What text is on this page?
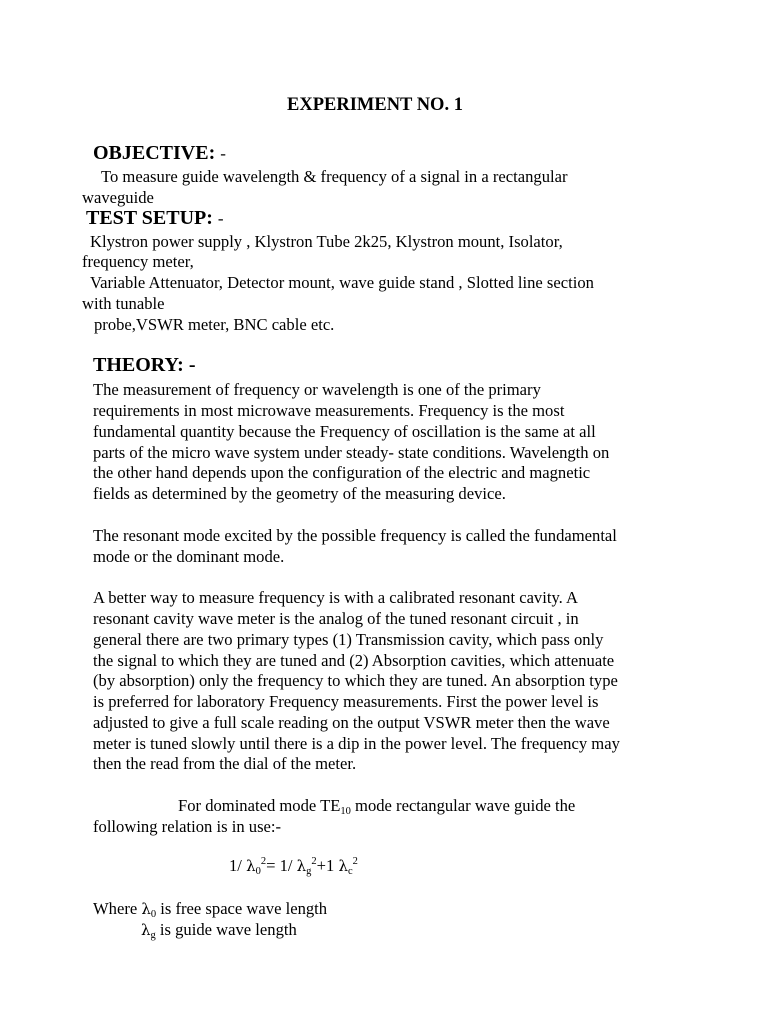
EXPERIMENT NO. 1
OBJECTIVE: -
To measure guide wavelength & frequency of a signal in a rectangular
waveguide
TEST SETUP: -
Klystron power supply , Klystron Tube 2k25, Klystron mount, Isolator,
frequency meter,
Variable Attenuator, Detector mount, wave guide stand , Slotted line section
with tunable
probe,VSWR meter, BNC cable etc.
THEORY: -
The measurement of frequency or wavelength is one of the primary
requirements in most microwave measurements. Frequency is the most
fundamental quantity because the Frequency of oscillation is the same at all
parts of the micro wave system under steady- state conditions. Wavelength on
the other hand depends upon the configuration of the electric and magnetic
fields as determined by the geometry of the measuring device.
The resonant mode excited by the possible frequency is called the fundamental
mode or the dominant mode.
A better way to measure frequency is with a calibrated resonant cavity. A
resonant cavity wave meter is the analog of the tuned resonant circuit , in
general there are two primary types (1) Transmission cavity, which pass only
the signal to which they are tuned and (2) Absorption cavities, which attenuate
(by absorption) only the frequency to which they are tuned. An absorption type
is preferred for laboratory Frequency measurements. First the power level is
adjusted to give a full scale reading on the output VSWR meter then the wave
meter is tuned slowly until there is a dip in the power level. The frequency may
then the read from the dial of the meter.
For dominated mode $TE_{10}$ mode rectangular wave guide the
following relation is in use:-
1/ $\lambda_0^2= 1/$ $\lambda_g^2+1$ $\lambda_c^2$
Where $\lambda_0$ is free space wave length
$\lambda_g$ is guide wave length
